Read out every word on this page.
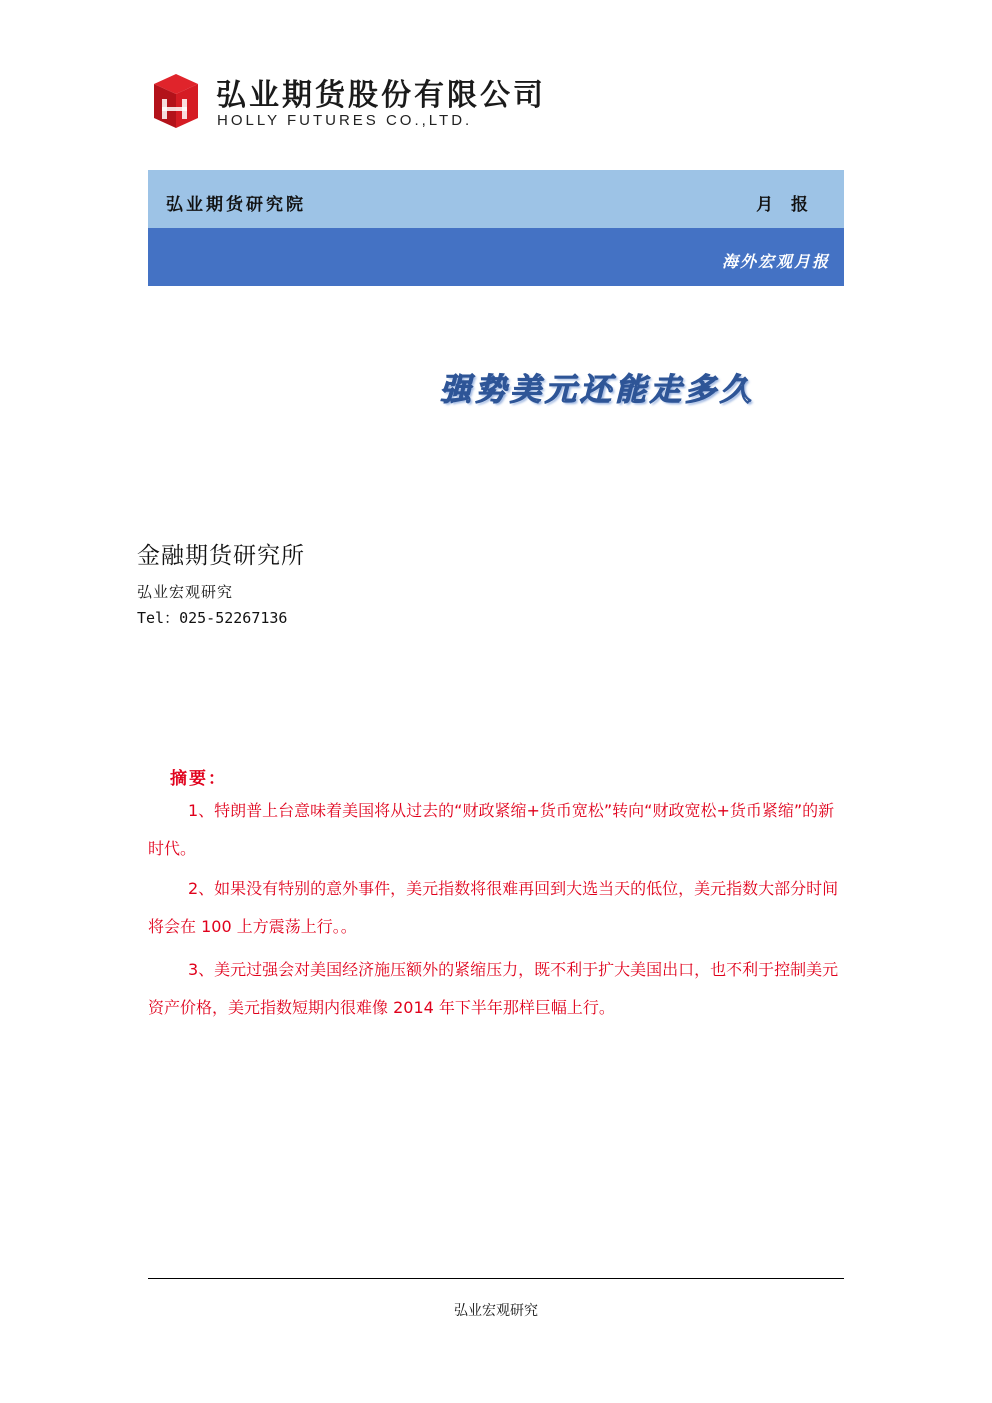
弘业期货股份有限公司
HOLLY FUTURES CO.,LTD.
弘业期货研究院	月 报
海外宏观月报
强势美元还能走多久
金融期货研究所
弘业宏观研究
Tel：025-52267136
摘要：

1、特朗普上台意味着美国将从过去的“财政紧缩+货币宽松”转向“财政宽松+货币紧缩”的新时代。

2、如果没有特别的意外事件，美元指数将很难再回到大选当天的低位，美元指数大部分时间将会在 100 上方震荡上行。。

3、美元过强会对美国经济施压额外的紧缩压力，既不利于扩大美国出口，也不利于控制美元资产价格，美元指数短期内很难像 2014 年下半年那样巨幅上行。

弘业宏观研究
